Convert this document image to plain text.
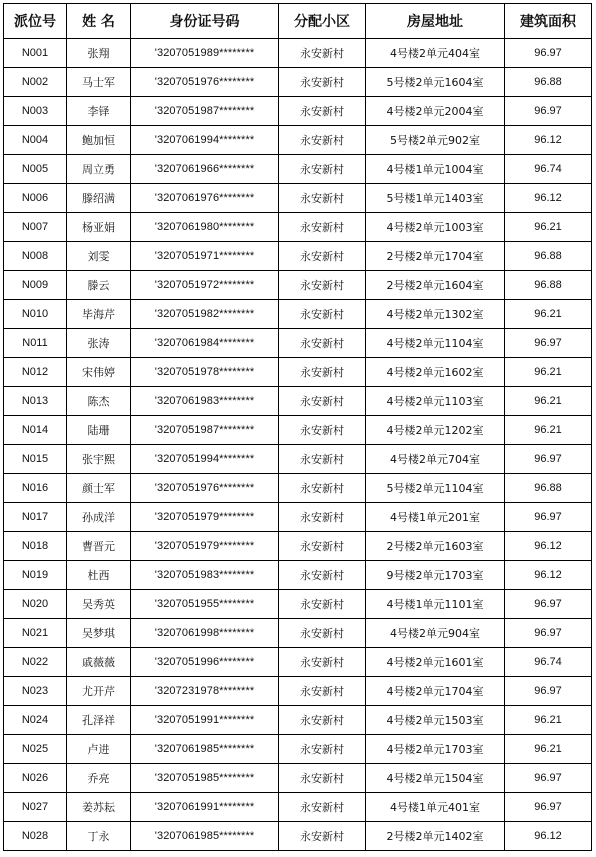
派位号	姓 名	身份证号码	分配小区	房屋地址	建筑面积
N001	张翔	'3207051989********	永安新村	4号楼2单元404室	96.97
N002	马士军	'3207051976********	永安新村	5号楼2单元1604室	96.88
N003	李铎	'3207051987********	永安新村	4号楼2单元2004室	96.97
N004	鲍加恒	'3207061994********	永安新村	5号楼2单元902室	96.12
N005	周立勇	'3207061966********	永安新村	4号楼1单元1004室	96.74
N006	滕绍满	'3207061976********	永安新村	5号楼1单元1403室	96.12
N007	杨亚娟	'3207061980********	永安新村	4号楼2单元1003室	96.21
N008	刘雯	'3207051971********	永安新村	2号楼2单元1704室	96.88
N009	滕云	'3207051972********	永安新村	2号楼2单元1604室	96.88
N010	毕海芹	'3207051982********	永安新村	4号楼2单元1302室	96.21
N011	张涛	'3207061984********	永安新村	4号楼2单元1104室	96.97
N012	宋伟婷	'3207051978********	永安新村	4号楼2单元1602室	96.21
N013	陈杰	'3207061983********	永安新村	4号楼2单元1103室	96.21
N014	陆珊	'3207051987********	永安新村	4号楼2单元1202室	96.21
N015	张宇熙	'3207051994********	永安新村	4号楼2单元704室	96.97
N016	颜士军	'3207051976********	永安新村	5号楼2单元1104室	96.88
N017	孙成洋	'3207051979********	永安新村	4号楼1单元201室	96.97
N018	曹晋元	'3207051979********	永安新村	2号楼2单元1603室	96.12
N019	杜西	'3207051983********	永安新村	9号楼2单元1703室	96.12
N020	吴秀英	'3207051955********	永安新村	4号楼1单元1101室	96.97
N021	吴梦琪	'3207061998********	永安新村	4号楼2单元904室	96.97
N022	戚薇薇	'3207051996********	永安新村	4号楼2单元1601室	96.74
N023	尤开芹	'3207231978********	永安新村	4号楼2单元1704室	96.97
N024	孔泽祥	'3207051991********	永安新村	4号楼2单元1503室	96.21
N025	卢进	'3207061985********	永安新村	4号楼2单元1703室	96.21
N026	乔亮	'3207051985********	永安新村	4号楼2单元1504室	96.97
N027	姜苏耘	'3207061991********	永安新村	4号楼1单元401室	96.97
N028	丁永	'3207061985********	永安新村	2号楼2单元1402室	96.12
